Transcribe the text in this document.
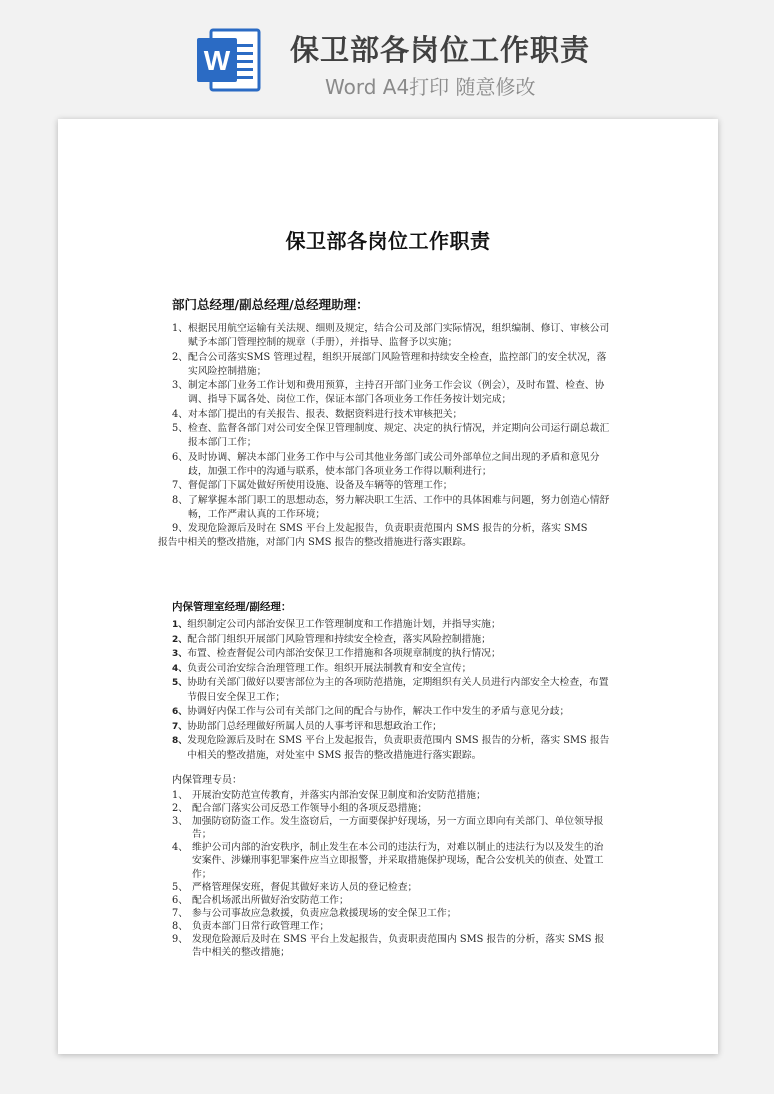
W 保卫部各岗位工作职责
Word A4打印 随意修改
保卫部各岗位工作职责
部门总经理/副总经理/总经理助理：
1、 根据民用航空运输有关法规、细则及规定，结合公司及部门实际情况，组织编制、修订、审核公司赋予本部门管理控制的规章（手册），并指导、监督予以实施；
2、 配合公司落实SMS 管理过程，组织开展部门风险管理和持续安全检查，监控部门的安全状况，落实风险控制措施；
3、 制定本部门业务工作计划和费用预算，主持召开部门业务工作会议（例会），及时布置、检查、协调、指导下属各处、岗位工作，保证本部门各项业务工作任务按计划完成；
4、 对本部门提出的有关报告、报表、数据资料进行技术审核把关；
5、 检查、监督各部门对公司安全保卫管理制度、规定、决定的执行情况，并定期向公司运行副总裁汇报本部门工作；
6、 及时协调、解决本部门业务工作中与公司其他业务部门或公司外部单位之间出现的矛盾和意见分歧，加强工作中的沟通与联系，使本部门各项业务工作得以顺利进行；
7、 督促部门下属处做好所使用设施、设备及车辆等的管理工作；
8、 了解掌握本部门职工的思想动态，努力解决职工生活、工作中的具体困难与问题，努力创造心情舒畅，工作严肃认真的工作环境；
9、 发现危险源后及时在 SMS 平台上发起报告，负责职责范围内 SMS 报告的分析，落实 SMS
报告中相关的整改措施，对部门内 SMS 报告的整改措施进行落实跟踪。
内保管理室经理/副经理：
1、 组织制定公司内部治安保卫工作管理制度和工作措施计划，并指导实施；
2、 配合部门组织开展部门风险管理和持续安全检查，落实风险控制措施；
3、 布置、检查督促公司内部治安保卫工作措施和各项规章制度的执行情况；
4、 负责公司治安综合治理管理工作。组织开展法制教育和安全宣传；
5、 协助有关部门做好以要害部位为主的各项防范措施，定期组织有关人员进行内部安全大检查，布置节假日安全保卫工作；
6、 协调好内保工作与公司有关部门之间的配合与协作，解决工作中发生的矛盾与意见分歧；
7、 协助部门总经理做好所属人员的人事考评和思想政治工作；
8、 发现危险源后及时在 SMS 平台上发起报告，负责职责范围内 SMS 报告的分析，落实 SMS 报告中相关的整改措施，对处室中 SMS 报告的整改措施进行落实跟踪。
内保管理专员：
1、 开展治安防范宣传教育，并落实内部治安保卫制度和治安防范措施；
2、 配合部门落实公司反恐工作领导小组的各项反恐措施；
3、 加强防窃防盗工作。发生盗窃后，一方面要保护好现场，另一方面立即向有关部门、单位领导报告；
4、 维护公司内部的治安秩序，制止发生在本公司的违法行为，对难以制止的违法行为以及发生的治安案件、涉嫌刑事犯罪案件应当立即报警，并采取措施保护现场，配合公安机关的侦查、处置工作；
5、 严格管理保安班，督促其做好来访人员的登记检查；
6、 配合机场派出所做好治安防范工作；
7、 参与公司事故应急救援，负责应急救援现场的安全保卫工作；
8、 负责本部门日常行政管理工作；
9、 发现危险源后及时在 SMS 平台上发起报告，负责职责范围内 SMS 报告的分析，落实 SMS 报告中相关的整改措施；
